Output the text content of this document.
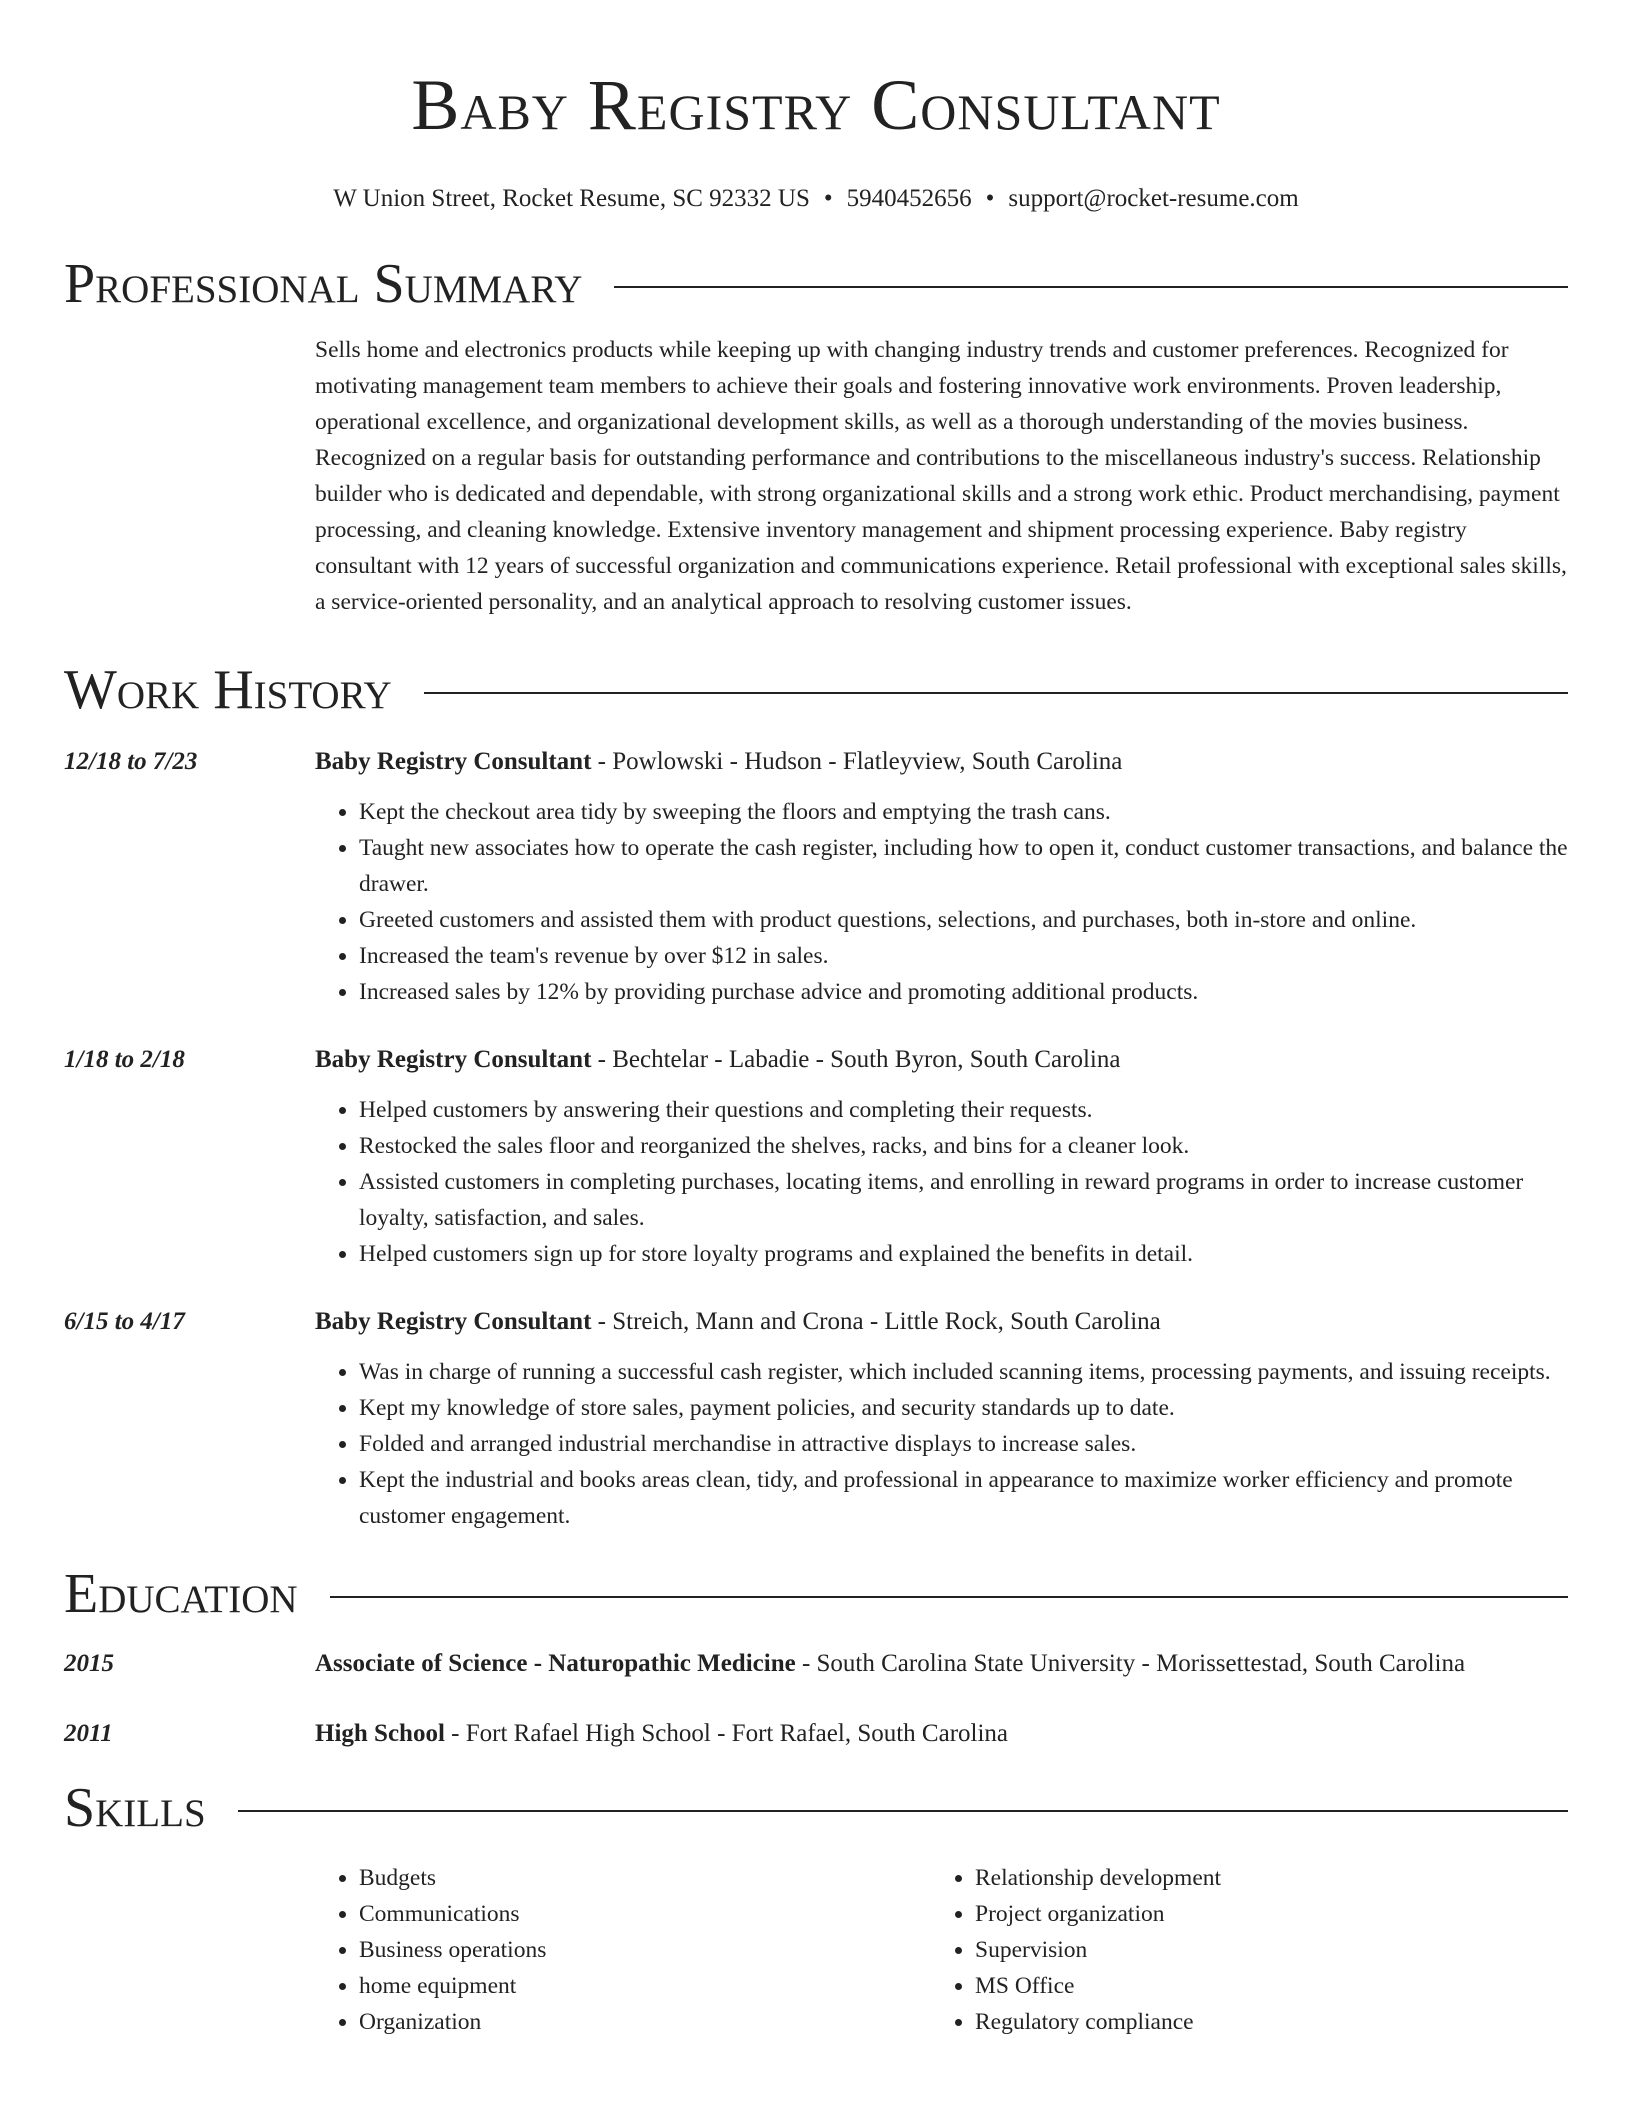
Baby Registry Consultant
W Union Street, Rocket Resume, SC 92332 US • 5940452656 • support@rocket-resume.com
Professional Summary
Sells home and electronics products while keeping up with changing industry trends and customer preferences. Recognized for motivating management team members to achieve their goals and fostering innovative work environments. Proven leadership, operational excellence, and organizational development skills, as well as a thorough understanding of the movies business. Recognized on a regular basis for outstanding performance and contributions to the miscellaneous industry's success. Relationship builder who is dedicated and dependable, with strong organizational skills and a strong work ethic. Product merchandising, payment processing, and cleaning knowledge. Extensive inventory management and shipment processing experience. Baby registry consultant with 12 years of successful organization and communications experience. Retail professional with exceptional sales skills, a service-oriented personality, and an analytical approach to resolving customer issues.
Work History
12/18 to 7/23	Baby Registry Consultant - Powlowski - Hudson - Flatleyview, South Carolina
• Kept the checkout area tidy by sweeping the floors and emptying the trash cans.
• Taught new associates how to operate the cash register, including how to open it, conduct customer transactions, and balance the drawer.
• Greeted customers and assisted them with product questions, selections, and purchases, both in-store and online.
• Increased the team's revenue by over $12 in sales.
• Increased sales by 12% by providing purchase advice and promoting additional products.
1/18 to 2/18	Baby Registry Consultant - Bechtelar - Labadie - South Byron, South Carolina
• Helped customers by answering their questions and completing their requests.
• Restocked the sales floor and reorganized the shelves, racks, and bins for a cleaner look.
• Assisted customers in completing purchases, locating items, and enrolling in reward programs in order to increase customer loyalty, satisfaction, and sales.
• Helped customers sign up for store loyalty programs and explained the benefits in detail.
6/15 to 4/17	Baby Registry Consultant - Streich, Mann and Crona - Little Rock, South Carolina
• Was in charge of running a successful cash register, which included scanning items, processing payments, and issuing receipts.
• Kept my knowledge of store sales, payment policies, and security standards up to date.
• Folded and arranged industrial merchandise in attractive displays to increase sales.
• Kept the industrial and books areas clean, tidy, and professional in appearance to maximize worker efficiency and promote customer engagement.
Education
2015	Associate of Science - Naturopathic Medicine - South Carolina State University - Morissettestad, South Carolina
2011	High School - Fort Rafael High School - Fort Rafael, South Carolina
Skills
• Budgets
• Communications
• Business operations
• home equipment
• Organization
• Relationship development
• Project organization
• Supervision
• MS Office
• Regulatory compliance
